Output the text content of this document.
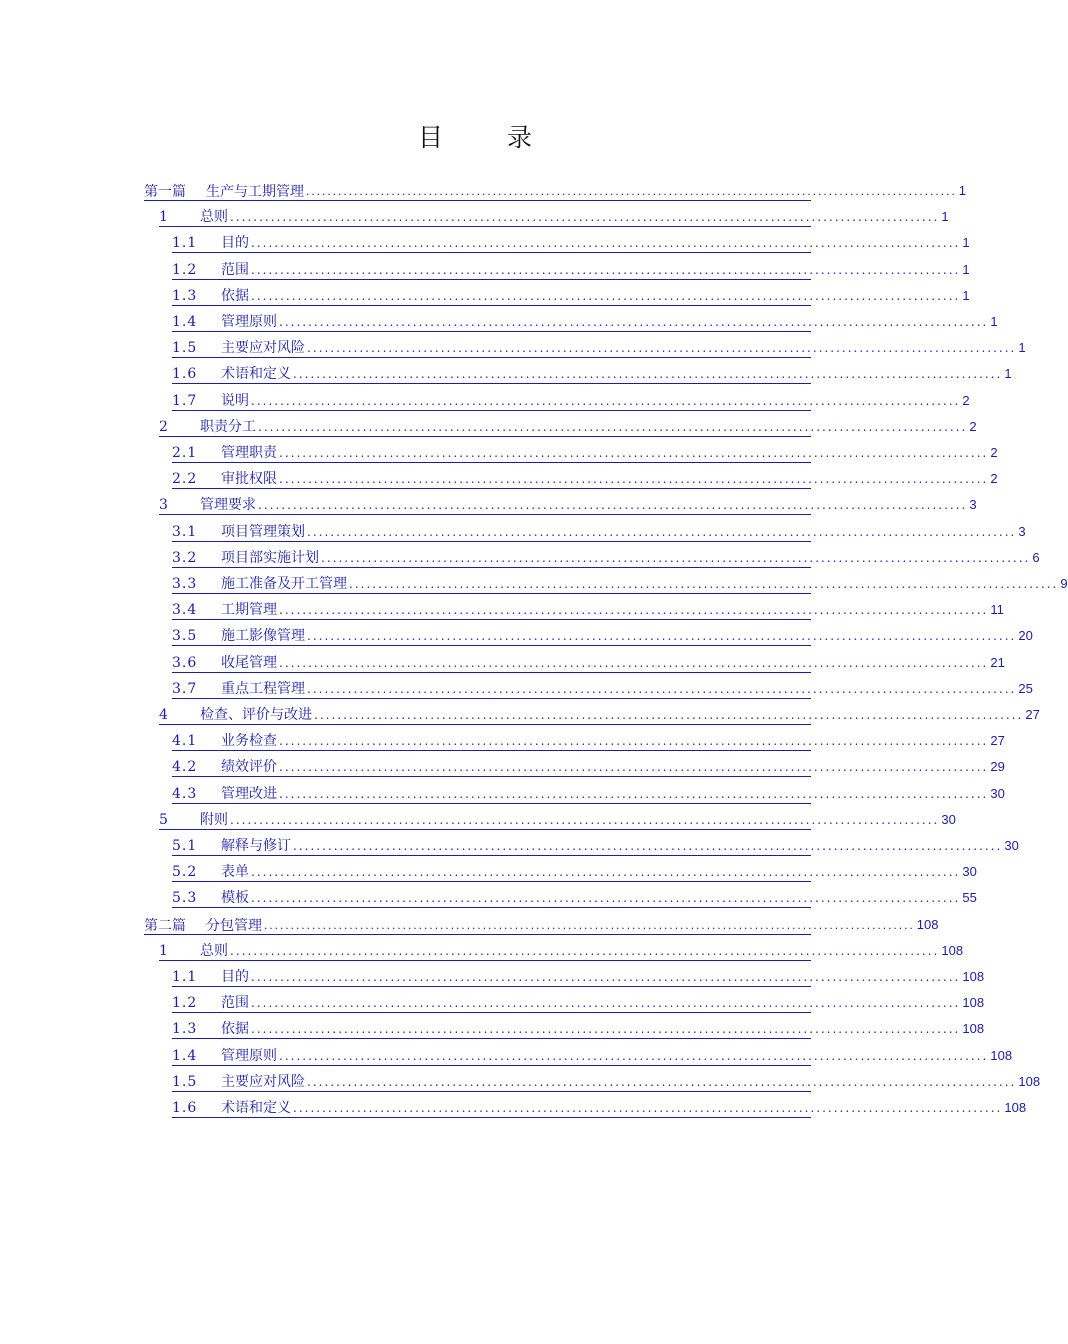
目 录
第一篇	生产与工期管理 .......................................................................................................................... 1
1	总则 .......................................................................................................................... 1
1.1	目的 .......................................................................................................................... 1
1.2	范围 .......................................................................................................................... 1
1.3	依据 .......................................................................................................................... 1
1.4	管理原则 .......................................................................................................................... 1
1.5	主要应对风险 .......................................................................................................................... 1
1.6	术语和定义 .......................................................................................................................... 1
1.7	说明 .......................................................................................................................... 2
2	职责分工 .......................................................................................................................... 2
2.1	管理职责 .......................................................................................................................... 2
2.2	审批权限 .......................................................................................................................... 2
3	管理要求 .......................................................................................................................... 3
3.1	项目管理策划 .......................................................................................................................... 3
3.2	项目部实施计划 .......................................................................................................................... 6
3.3	施工准备及开工管理 .......................................................................................................................... 9
3.4	工期管理 .......................................................................................................................... 11
3.5	施工影像管理 .......................................................................................................................... 20
3.6	收尾管理 .......................................................................................................................... 21
3.7	重点工程管理 .......................................................................................................................... 25
4	检查、评价与改进 .......................................................................................................................... 27
4.1	业务检查 .......................................................................................................................... 27
4.2	绩效评价 .......................................................................................................................... 29
4.3	管理改进 .......................................................................................................................... 30
5	附则 .......................................................................................................................... 30
5.1	解释与修订 .......................................................................................................................... 30
5.2	表单 .......................................................................................................................... 30
5.3	模板 .......................................................................................................................... 55
第二篇	分包管理 .......................................................................................................................... 108
1	总则 .......................................................................................................................... 108
1.1	目的 .......................................................................................................................... 108
1.2	范围 .......................................................................................................................... 108
1.3	依据 .......................................................................................................................... 108
1.4	管理原则 .......................................................................................................................... 108
1.5	主要应对风险 .......................................................................................................................... 108
1.6	术语和定义 .......................................................................................................................... 108
